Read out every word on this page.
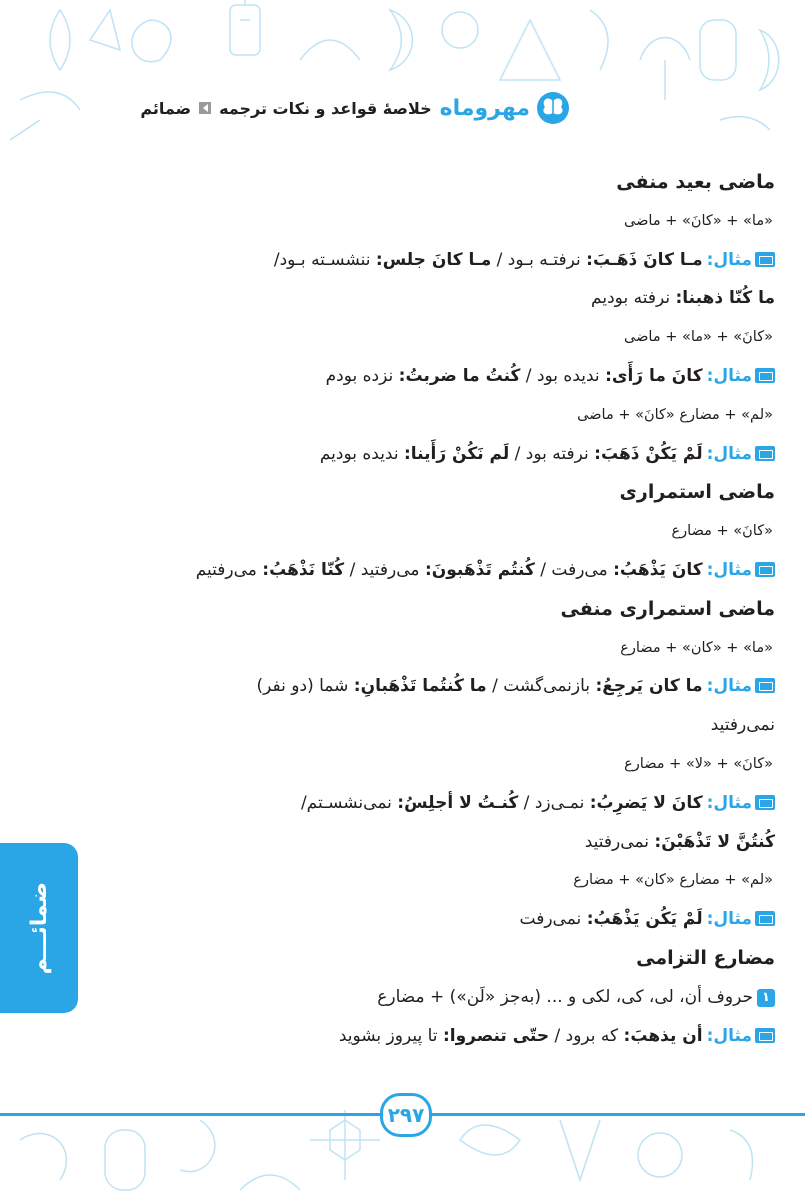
مهروماه
خلاصهٔ قواعد و نکات ترجمه
ضمائم
ماضی بعید منفی
«ما» + «کانَ» + ماضی
مثال:مـا كانَ ذَهَـبَ: نرفتـه بـود / مـا كانَ جلس: ننشسـته بـود/
ما كُنّا ذهبنا: نرفته بوديم
«كانَ» + «ما» + ماضی
مثال:كانَ ما رَأَى: نديده بود / كُنتُ ما ضربتُ: نزده بودم
«لم» + مضارع «كانَ» + ماضی
مثال:لَمْ يَكُنْ ذَهَبَ: نرفته بود / لَم نَكُنْ رَأَينا: نديده بوديم
ماضی استمراری
«كانَ» + مضارع
مثال:كانَ يَذْهَبُ: می‌رفت / كُنتُم تَذْهَبونَ: می‌رفتيد / كُنّا نَذْهَبُ: می‌رفتيم
ماضی استمراری منفی
«ما» + «كان» + مضارع
مثال:ما كان يَرجِعُ: بازنمی‌گشت / ما كُنتُما تَذْهَبانِ: شما (دو نفر)
نمی‌رفتيد
«كانَ» + «لا» + مضارع
مثال:كانَ لا يَضرِبُ: نمـی‌زد / كُنـتُ لا أجلِسُ: نمی‌نشسـتم/
كُنتُنَّ لا تَذْهَبْنَ: نمی‌رفتيد
«لم» + مضارع «كان» + مضارع
مثال:لَمْ يَكُن يَذْهَبُ: نمی‌رفت
مضارع التزامی
۱حروف أن، لی، كی، لكی و ... (به‌جز «لَن») + مضارع
مثال:أن يذهبَ: كه برود / حتّى تنصروا: تا پيروز بشويد
ضمائـــم
۲۹۷
